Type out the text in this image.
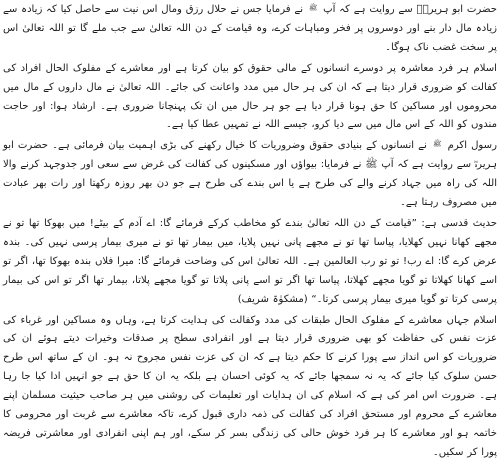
حضرت ابو ہریرہؓ سے روایت ہے کہ آپ ﷺ نے فرمایا جس نے حلال رزق ومال اس نیت سے حاصل کیا کہ زیادہ سے زیادہ مال دار بنے اور دوسروں پر فخر ومباہات کرے، وہ قیامت کے دن اللہ تعالیٰ سے جب ملے گا تو اللہ تعالیٰ اس پر سخت غضب ناک ہوگا۔

اسلام ہر فرد معاشرہ پر دوسرے انسانوں کے مالی حقوق کو بیان کرتا ہے اور معاشرے کے مفلوک الحال افراد کی کفالت کو ضروری قرار دیتا ہے کہ ان کی ہر حال میں مدد واعانت کی جائے۔ اللہ تعالیٰ نے مال داروں کے مال میں محروموں اور مساکین کا حق ہونا قرار دیا ہے جو ہر حال میں ان تک پہنچانا ضروری ہے۔ ارشاد ہوا: اور حاجت مندوں کو اللہ کے اس مال میں سے دیا کرو، جیسے اللہ نے تمہیں عطا کیا ہے۔

رسول اکرم ﷺ نے انسانوں کے بنیادی حقوق وضروریات کا خیال رکھنے کی بڑی اہمیت بیان فرمائی ہے۔ حضرت ابو ہریرہؓ سے روایت ہے کہ آپ ﷺ نے فرمایا: بیواؤں اور مسکینوں کی کفالت کی غرض سے سعی اور جدوجہد کرنے والا اللہ کی راہ میں جہاد کرنے والے کی طرح ہے یا اس بندے کی طرح ہے جو دن بھر روزہ رکھتا اور رات بھر عبادت میں مصروف رہتا ہے۔

حدیث قدسی ہے: ”قیامت کے دن اللہ تعالیٰ بندے کو مخاطب کرکے فرمائے گا: اے آدم کے بیٹے! میں بھوکا تھا تو نے مجھے کھانا نہیں کھلایا، پیاسا تھا تو نے مجھے پانی نہیں پلایا، میں بیمار تھا تو نے میری بیمار پرسی نہیں کی۔ بندہ عرض کرے گا: اے رب! تو تو رب العالمین ہے۔ اللہ تعالیٰ اس کی وضاحت فرمائے گا: میرا فلاں بندہ بھوکا تھا، اگر تو اسے کھانا کھلاتا تو گویا مجھے کھلاتا، پیاسا تھا اگر تو اسے پانی پلاتا تو گویا مجھے پلاتا، بیمار تھا اگر تو اس کی بیمار پرسی کرتا تو گویا میری بیمار پرسی کرتا۔“ (مشکوٰۃ شریف)

اسلام جہاں معاشرے کے مفلوک الحال طبقات کی مدد وکفالت کی ہدایت کرتا ہے، وہاں وہ مساکین اور غرباء کی عزت نفس کی حفاظت کو بھی ضروری قرار دیتا ہے اور انفرادی سطح پر صدقات وخیرات دیتے ہوئے ان کی ضروریات کو اس انداز سے پورا کرنے کا حکم دیتا ہے کہ ان کی عزت نفس مجروح نہ ہو۔ ان کے ساتھ اس طرح حسن سلوک کیا جائے کہ یہ نہ سمجھا جائے کہ یہ کوئی احسان ہے بلکہ یہ ان کا حق ہے جو انہیں ادا کیا جا رہا ہے۔ ضرورت اس امر کی ہے کہ اسلام کی ان ہدایات اور تعلیمات کی روشنی میں ہر صاحب حیثیت مسلمان اپنے معاشرے کے محروم اور مستحق افراد کی کفالت کی ذمہ داری قبول کرے، تاکہ معاشرے سے غربت اور محرومی کا خاتمہ ہو اور معاشرے کا ہر فرد خوش حالی کی زندگی بسر کر سکے، اور ہم اپنی انفرادی اور معاشرتی فریضہ پورا کر سکیں۔
